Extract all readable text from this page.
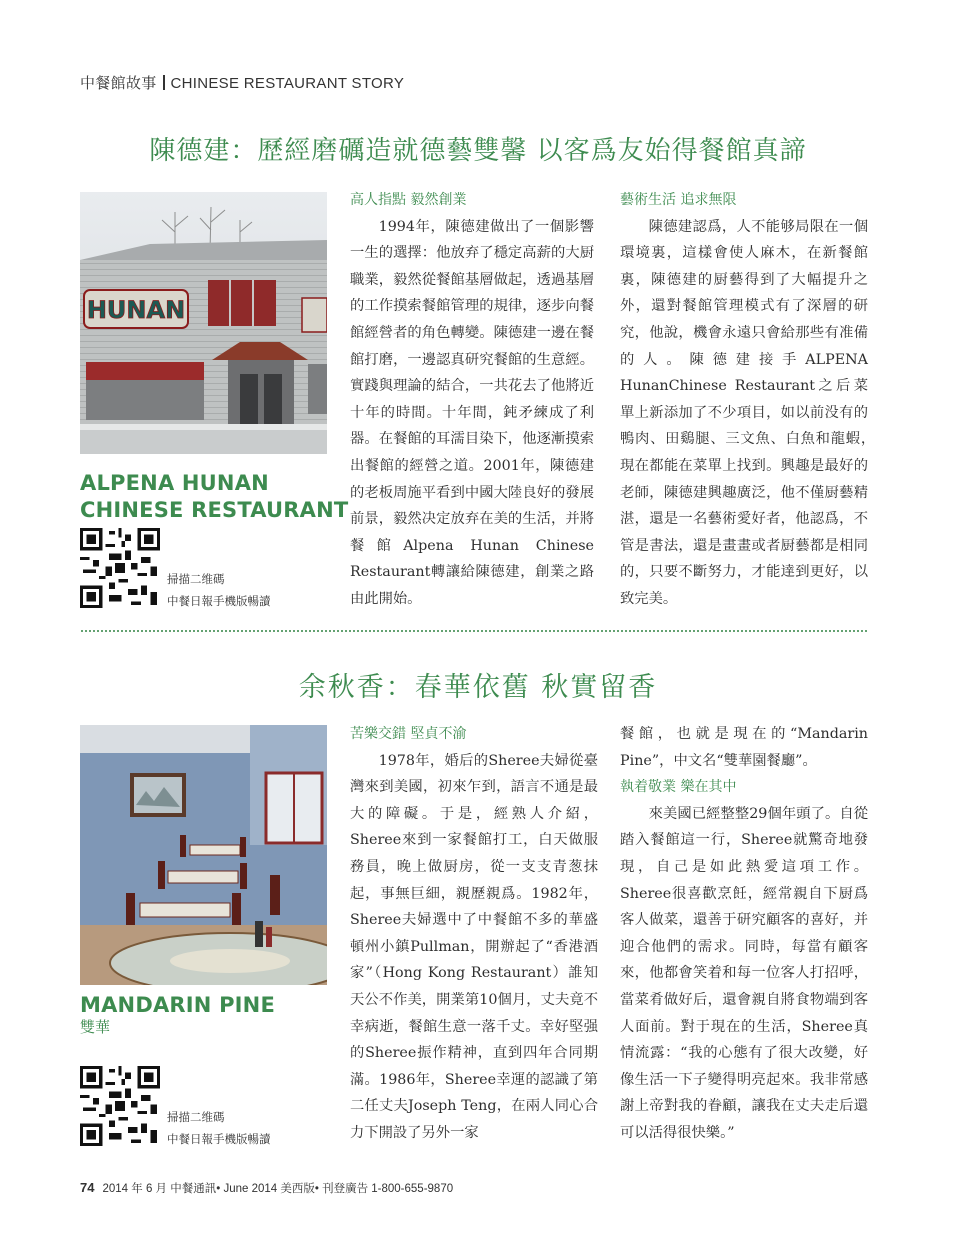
中餐館故事 CHINESE RESTAURANT STORY
陳德建：歷經磨礪造就德藝雙馨 以客爲友始得餐館真諦
HUNAN
ALPENA HUNAN
CHINESE RESTAURANT
掃描二维碼
中餐日報手機版暢讀

高人指點 毅然創業

1994年，陳德建做出了一個影響一生的選擇：他放弃了穩定高薪的大厨職業，毅然從餐館基層做起，透過基層的工作摸索餐館管理的規律，逐步向餐館經營者的角色轉變。陳德建一邊在餐館打磨，一邊認真研究餐館的生意經。實踐與理論的結合，一共花去了他將近十年的時間。十年間，鈍矛練成了利器。在餐館的耳濡目染下，他逐漸摸索出餐館的經營之道。2001年，陳德建的老板周施平看到中國大陸良好的發展前景，毅然决定放弃在美的生活，并將餐館Alpena Hunan Chinese Restaurant轉讓給陳德建，創業之路由此開始。

藝術生活 追求無限

陳德建認爲，人不能够局限在一個環境裏，這樣會使人麻木，在新餐館裏，陳德建的厨藝得到了大幅提升之外，還對餐館管理模式有了深層的研究，他說，機會永遠只會給那些有准備的人。陳德建接手ALPENA HunanChinese Restaurant之后菜單上新添加了不少項目，如以前没有的鴨肉、田鷄腿、三文魚、白魚和龍蝦，　現在都能在菜單上找到。興趣是最好的老師，陳德建興趣廣泛，他不僅厨藝精湛，還是一名藝術愛好者，他認爲，不管是書法，還是畫畫或者厨藝都是相同的，只要不斷努力，才能達到更好，以致完美。

余秋香：春華依舊 秋實留香
MANDARIN PINE
雙華
掃描二维碼
中餐日報手機版暢讀

苦樂交錯 堅貞不渝

1978年，婚后的Sheree夫婦從臺灣來到美國，初來乍到，語言不通是最大的障礙。于是，經熟人介紹，Sheree來到一家餐館打工，白天做服務員，晚上做厨房，從一支支青葱抹起，事無巨細，親歷親爲。1982年，Sheree夫婦選中了中餐館不多的華盛頓州小鎮Pullman，開辦起了“香港酒家”（Hong Kong Restaurant）誰知天公不作美，開業第10個月，丈夫竟不幸病逝，餐館生意一落千丈。幸好堅强的Sheree振作精神，直到四年合同期滿。1986年，Sheree幸運的認識了第二任丈夫Joseph Teng，在兩人同心合力下開設了另外一家

餐館，也就是現在的“Mandarin Pine”，中文名“雙華園餐廳”。

執着敬業 樂在其中

來美國已經整整29個年頭了。自從踏入餐館這一行，Sheree就驚奇地發現，自己是如此熱愛這項工作。Sheree很喜歡烹飪，經常親自下厨爲客人做菜，還善于研究顧客的喜好，并迎合他們的需求。同時，每當有顧客來，他都會笑着和每一位客人打招呼，當菜肴做好后，還會親自將食物端到客人面前。對于現在的生活，Sheree真情流露：“我的心態有了很大改變，好像生活一下子變得明亮起來。我非常感謝上帝對我的眷顧，讓我在丈夫走后還可以活得很快樂。”

74 2014 年 6 月 中餐通訊• June 2014 美西版• 刊登廣告 1-800-655-9870
